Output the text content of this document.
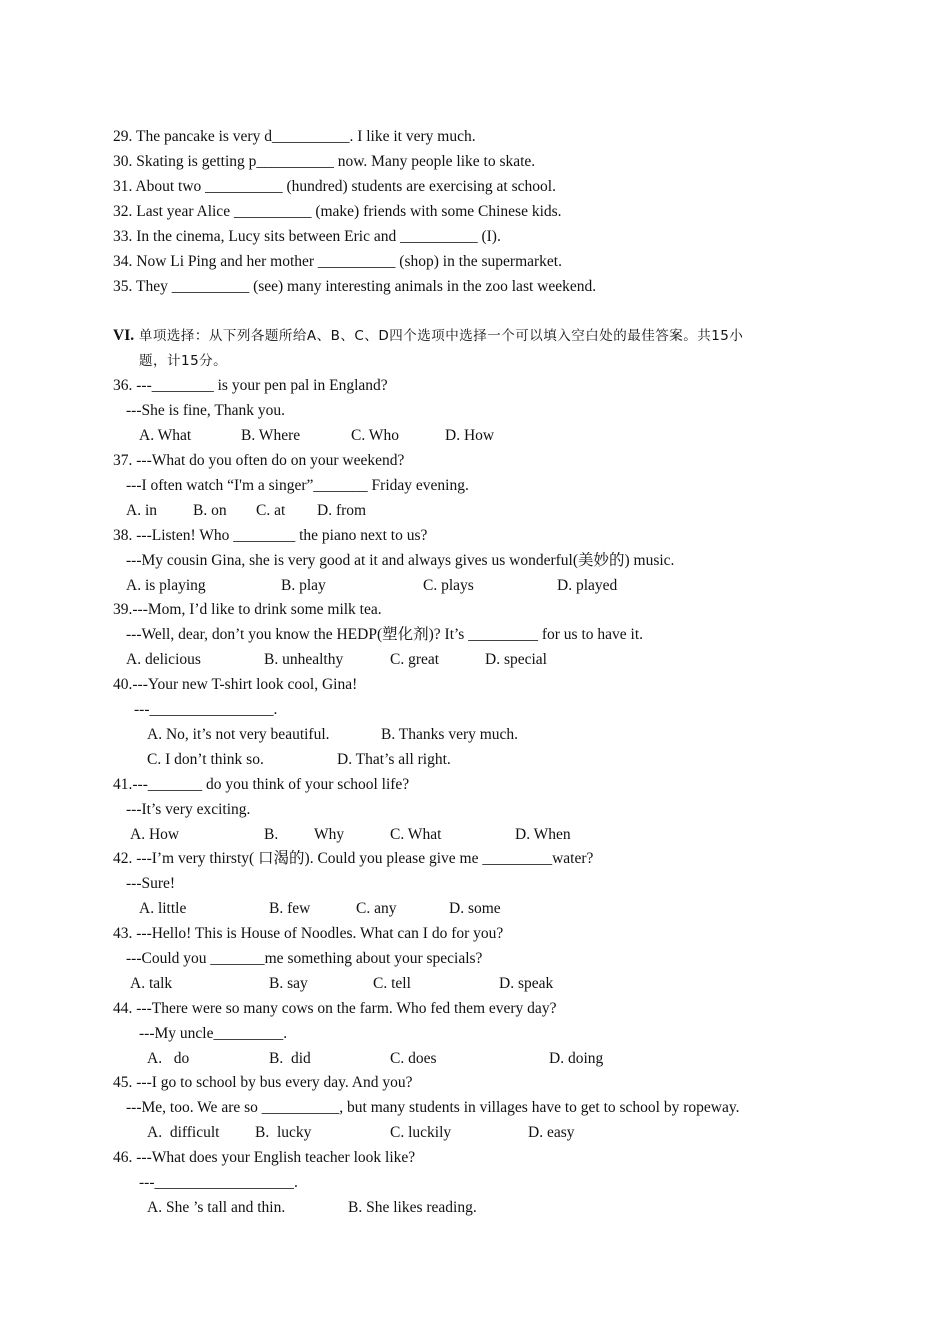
29. The pancake is very d__________. I like it very much.
30. Skating is getting p__________ now. Many people like to skate.
31. About two __________ (hundred) students are exercising at school.
32. Last year Alice __________ (make) friends with some Chinese kids.
33. In the cinema, Lucy sits between Eric and __________ (I).
34. Now Li Ping and her mother __________ (shop) in the supermarket.
35. They __________ (see) many interesting animals in the zoo last weekend.
VI. 单项选择：从下列各题所给A、B、C、D四个选项中选择一个可以填入空白处的最佳答案。共15小
题，计15分。
36. ---________ is your pen pal in England?
---She is fine, Thank you.
A. What	B. Where	C. Who	D. How
37. ---What do you often do on your weekend?
---I often watch “I'm a singer”_______ Friday evening.
A. in B. on C. at D. from
38. ---Listen! Who ________ the piano next to us?
---My cousin Gina, she is very good at it and always gives us wonderful(美妙的) music.
A. is playing	B. play	C. plays	D. played
39.---Mom, I’d like to drink some milk tea.
---Well, dear, don’t you know the HEDP(塑化剂)? It’s _________ for us to have it.
A. delicious	B. unhealthy	C. great	D. special
40.---Your new T-shirt look cool, Gina!
---________________.
A. No, it’s not very beautiful.	B. Thanks very much.
C. I don’t think so.	D. That’s all right.
41.---_______ do you think of your school life?
---It’s very exciting.
A. How	B. Why	C. What	D. When
42. ---I’m very thirsty( 口渴的). Could you please give me _________water?
---Sure!
A. little	B. few	C. any	D. some
43. ---Hello! This is House of Noodles. What can I do for you?
---Could you _______me something about your specials?
A. talk	B. say	C. tell	D. speak
44. ---There were so many cows on the farm. Who fed them every day?
---My uncle_________.
A.   do	B.  did	C. does	D. doing
45. ---I go to school by bus every day. And you?
---Me, too. We are so __________, but many students in villages have to get to school by ropeway.
A.  difficult B.  lucky	C. luckily	D. easy
46. ---What does your English teacher look like?
---__________________.
A. She ’s tall and thin.	B. She likes reading.
